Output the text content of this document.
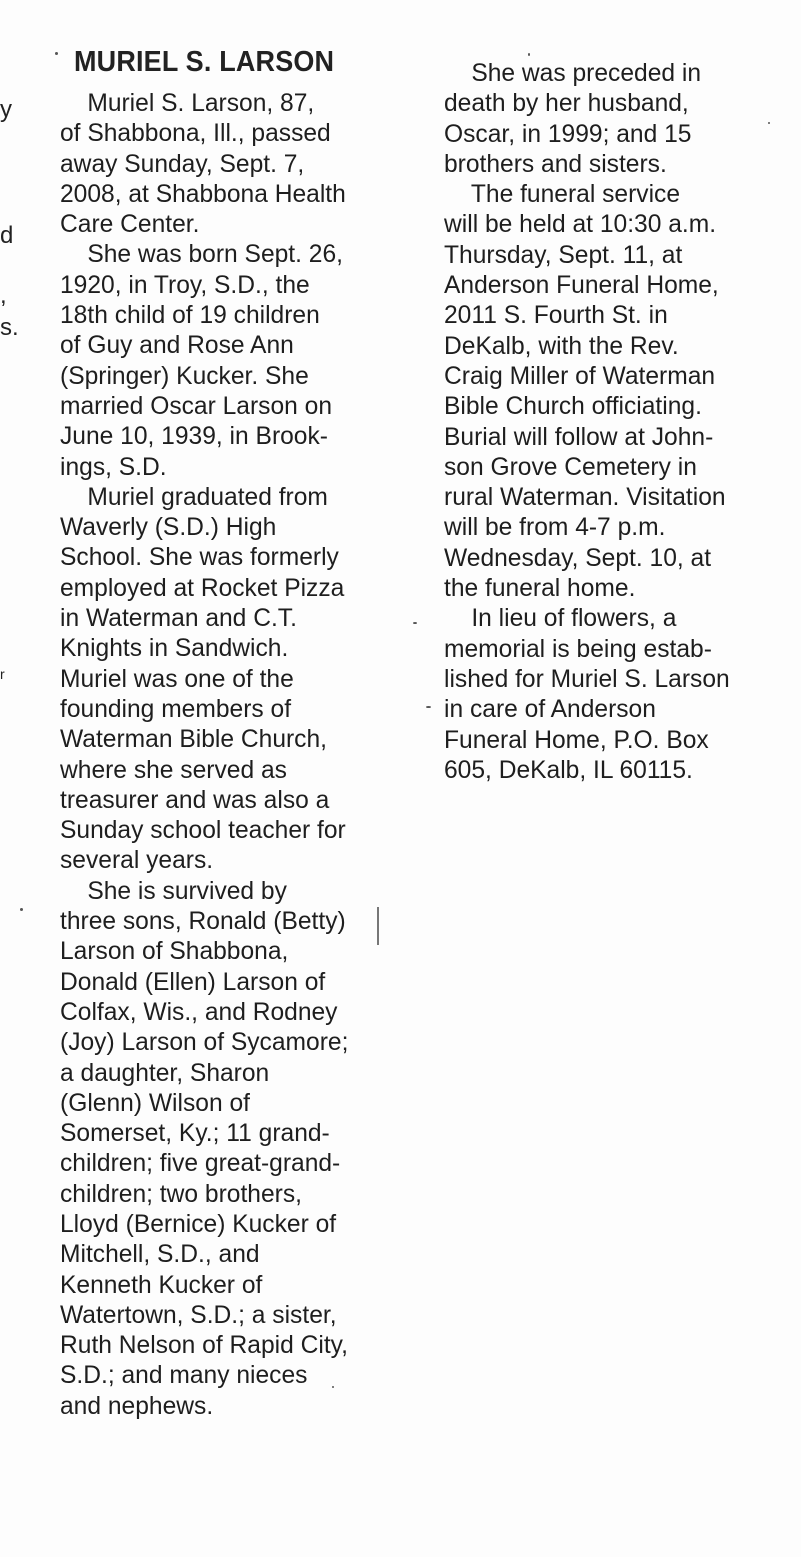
y
d
,
s.
r
MURIEL S. LARSON

Muriel S. Larson, 87,

of Shabbona, Ill., passed

away Sunday, Sept. 7,

2008, at Shabbona Health

Care Center.

She was born Sept. 26,

1920, in Troy, S.D., the

18th child of 19 children

of Guy and Rose Ann

(Springer) Kucker. She

married Oscar Larson on

June 10, 1939, in Brook-

ings, S.D.

Muriel graduated from

Waverly (S.D.) High

School. She was formerly

employed at Rocket Pizza

in Waterman and C.T.

Knights in Sandwich.

Muriel was one of the

founding members of

Waterman Bible Church,

where she served as

treasurer and was also a

Sunday school teacher for

several years.

She is survived by

three sons, Ronald (Betty)

Larson of Shabbona,

Donald (Ellen) Larson of

Colfax, Wis., and Rodney

(Joy) Larson of Sycamore;

a daughter, Sharon

(Glenn) Wilson of

Somerset, Ky.; 11 grand-

children; five great-grand-

children; two brothers,

Lloyd (Bernice) Kucker of

Mitchell, S.D., and

Kenneth Kucker of

Watertown, S.D.; a sister,

Ruth Nelson of Rapid City,

S.D.; and many nieces

and nephews.

She was preceded in

death by her husband,

Oscar, in 1999; and 15

brothers and sisters.

The funeral service

will be held at 10:30 a.m.

Thursday, Sept. 11, at

Anderson Funeral Home,

2011 S. Fourth St. in

DeKalb, with the Rev.

Craig Miller of Waterman

Bible Church officiating.

Burial will follow at John-

son Grove Cemetery in

rural Waterman. Visitation

will be from 4-7 p.m.

Wednesday, Sept. 10, at

the funeral home.

In lieu of flowers, a

memorial is being estab-

lished for Muriel S. Larson

in care of Anderson

Funeral Home, P.O. Box

605, DeKalb, IL 60115.
